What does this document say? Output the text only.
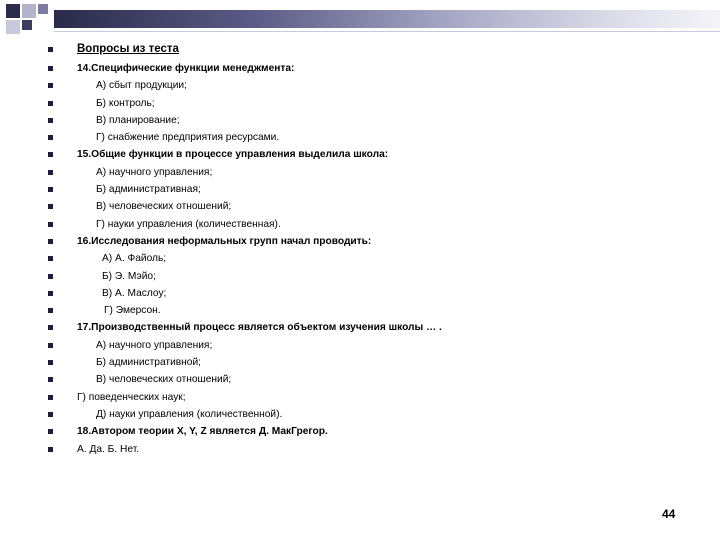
Вопросы из теста
14.Специфические функции менеджмента:
А) сбыт продукции;
Б) контроль;
В) планирование;
Г) снабжение предприятия ресурсами.
15.Общие функции в процессе управления выделила школа:
А) научного управления;
Б) административная;
В) человеческих отношений;
Г) науки управления (количественная).
16.Исследования неформальных групп начал проводить:
А) А. Файоль;
Б) Э. Мэйо;
В) А. Маслоу;
Г) Эмерсон.
17.Производственный процесс является объектом изучения школы … .
А) научного управления;
Б) административной;
В) человеческих отношений;
Г) поведенческих наук;
Д) науки управления (количественной).
18.Автором теории X, Y, Z является Д. МакГрегор.
А. Да. Б. Нет.
44
